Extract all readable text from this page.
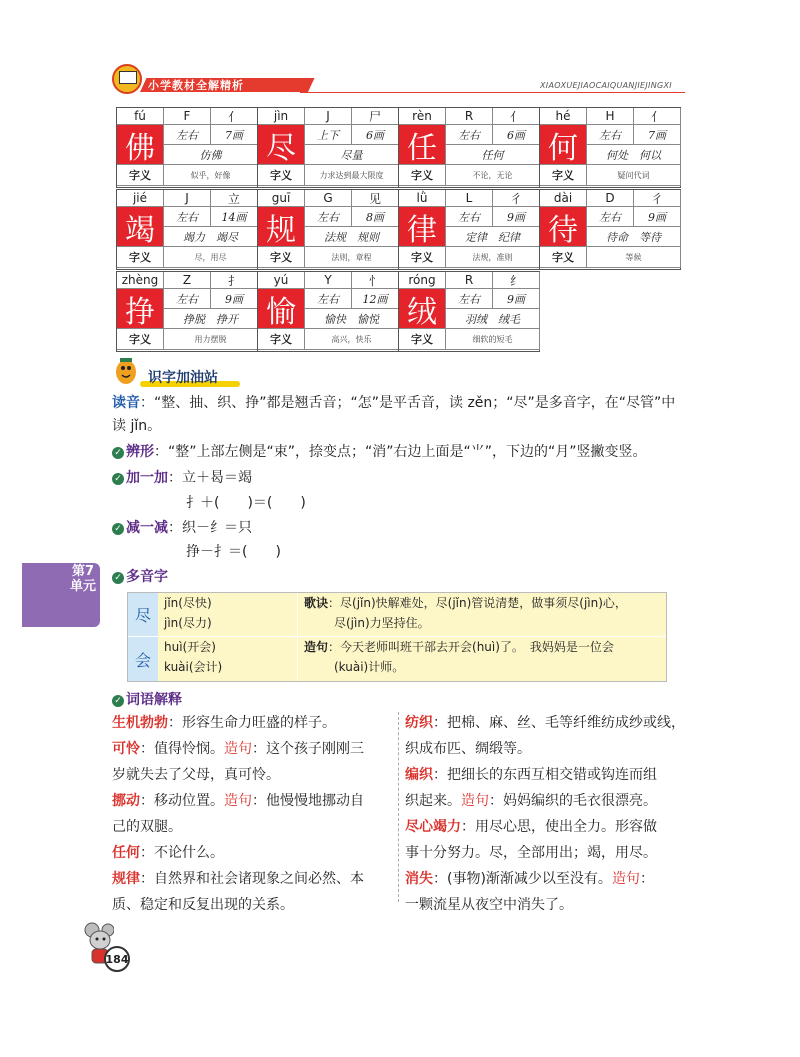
小学教材全解精析	XIAOXUEJIAOCAIQUANJIEJINGXI
fú	F	亻
佛	左右	7画
仿佛
字义	似乎，好像
jìn	J	尸
尽	上下	6画
尽量
字义	力求达到最大限度
rèn	R	亻
任	左右	6画
任何
字义	不论，无论
hé	H	亻
何	左右	7画
何处　何以
字义	疑问代词
jié	J	立
竭	左右	14画
竭力　竭尽
字义	尽，用尽
guī	G	见
规	左右	8画
法规　规则
字义	法则，章程
lǜ	L	彳
律	左右	9画
定律　纪律
字义	法规，准则
dài	D	彳
待	左右	9画
待命　等待
字义	等候
zhèng	Z	扌
挣	左右	9画
挣脱　挣开
字义	用力摆脱
yú	Y	忄
愉	左右	12画
愉快　愉悦
字义	高兴，快乐
róng	R	纟
绒	左右	9画
羽绒　绒毛
字义	细软的短毛
识字加油站
读音：“整、抽、织、挣”都是翘舌音；“怎”是平舌音，读 zěn；“尽”是多音字，在“尽管”中
读 jǐn。
✓ 辨形：“整”上部左侧是“束”，捺变点；“消”右边上面是“⺌”，下边的“月”竖撇变竖。
✓ 加一加：立＋曷＝竭
扌＋(　　)＝(　　)
✓ 减一减：织－纟＝只
挣－扌＝(　　)
✓ 多音字
第7单元
尽
jǐn(尽快)
jìn(尽力)
歌诀：尽(jǐn)快解难处，尽(jǐn)管说清楚，做事须尽(jìn)心，
尽(jìn)力坚持住。
会
huì(开会)
kuài(会计)
造句：今天老师叫班干部去开会(huì)了。　我妈妈是一位会
(kuài)计师。
✓ 词语解释
生机勃勃：形容生命力旺盛的样子。
可怜：值得怜悯。造句：这个孩子刚刚三
岁就失去了父母，真可怜。
挪动：移动位置。造句：他慢慢地挪动自
己的双腿。
任何：不论什么。
规律：自然界和社会诸现象之间必然、本
质、稳定和反复出现的关系。
纺织：把棉、麻、丝、毛等纤维纺成纱或线，
织成布匹、绸缎等。
编织：把细长的东西互相交错或钩连而组
织起来。造句：妈妈编织的毛衣很漂亮。
尽心竭力：用尽心思，使出全力。形容做
事十分努力。尽，全部用出；竭，用尽。
消失：(事物)渐渐减少以至没有。造句：
一颗流星从夜空中消失了。
184
